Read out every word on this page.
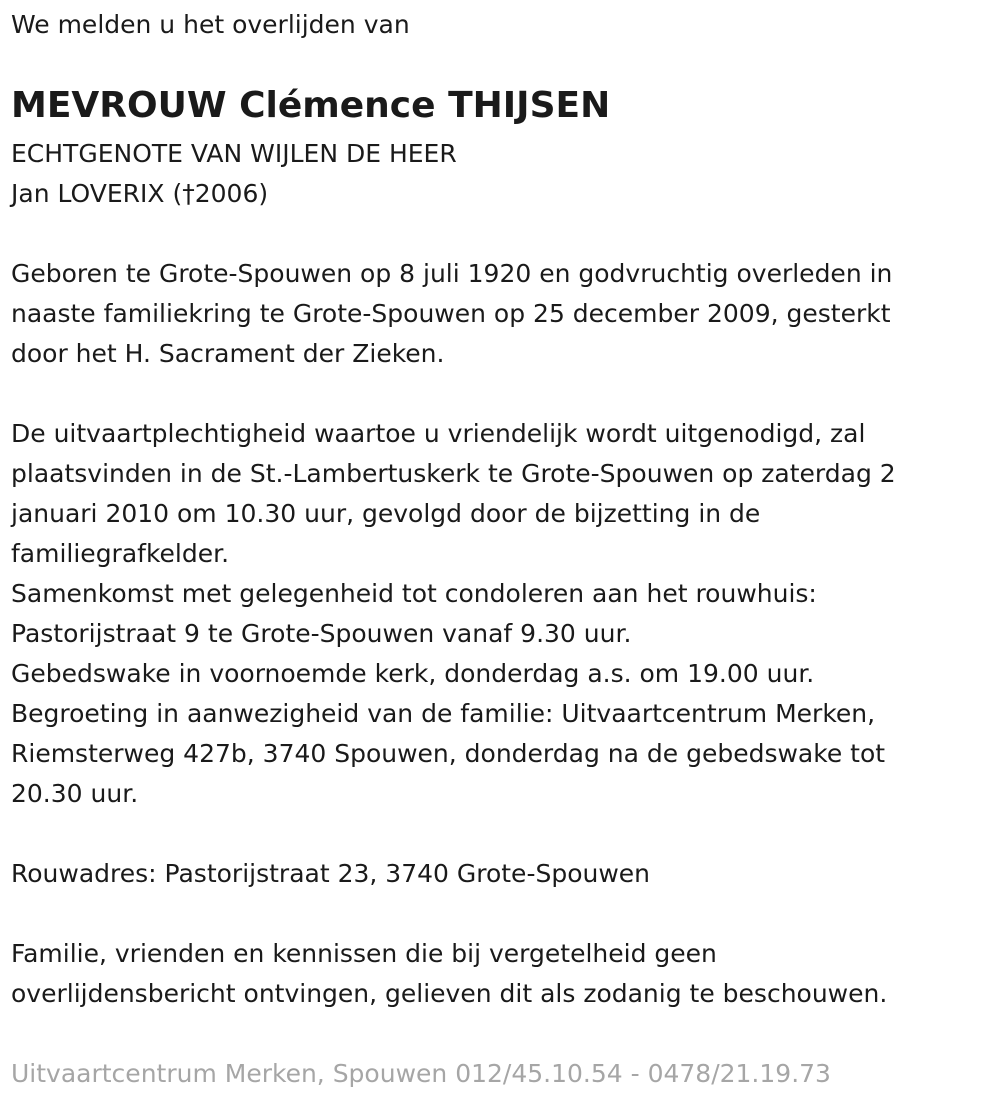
We melden u het overlijden van

MEVROUW Clémence THIJSEN

ECHTGENOTE VAN WIJLEN DE HEER

Jan LOVERIX (†2006)

Geboren te Grote-Spouwen op 8 juli 1920 en godvruchtig overleden in

naaste familiekring te Grote-Spouwen op 25 december 2009, gesterkt

door het H. Sacrament der Zieken.

De uitvaartplechtigheid waartoe u vriendelijk wordt uitgenodigd, zal

plaatsvinden in de St.-Lambertuskerk te Grote-Spouwen op zaterdag 2

januari 2010 om 10.30 uur, gevolgd door de bijzetting in de

familiegrafkelder.

Samenkomst met gelegenheid tot condoleren aan het rouwhuis:

Pastorijstraat 9 te Grote-Spouwen vanaf 9.30 uur.

Gebedswake in voornoemde kerk, donderdag a.s. om 19.00 uur.

Begroeting in aanwezigheid van de familie: Uitvaartcentrum Merken,

Riemsterweg 427b, 3740 Spouwen, donderdag na de gebedswake tot

20.30 uur.

Rouwadres: Pastorijstraat 23, 3740 Grote-Spouwen

Familie, vrienden en kennissen die bij vergetelheid geen

overlijdensbericht ontvingen, gelieven dit als zodanig te beschouwen.

Uitvaartcentrum Merken, Spouwen 012/45.10.54 - 0478/21.19.73
